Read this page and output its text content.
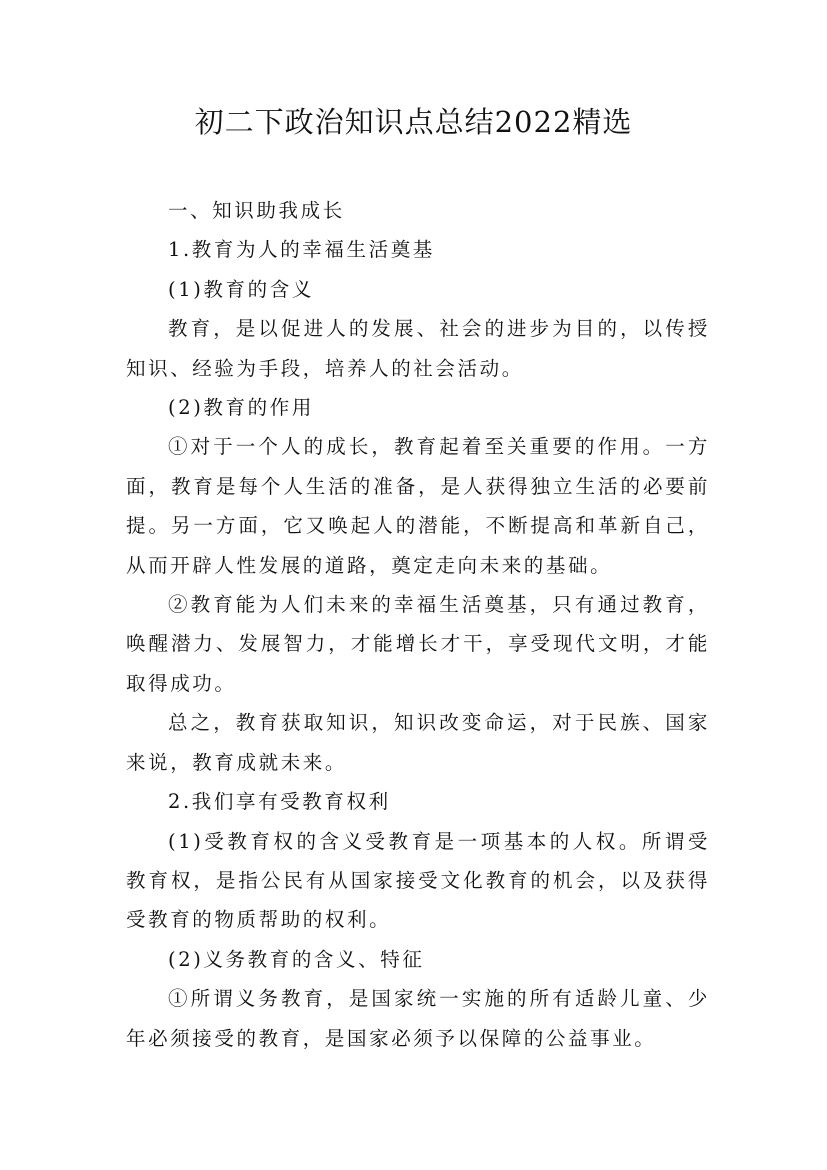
初二下政治知识点总结2022精选

一、知识助我成长

1.教育为人的幸福生活奠基

(1)教育的含义

教育，是以促进人的发展、社会的进步为目的，以传授知识、经验为手段，培养人的社会活动。

(2)教育的作用

①对于一个人的成长，教育起着至关重要的作用。一方面，教育是每个人生活的准备，是人获得独立生活的必要前提。另一方面，它又唤起人的潜能，不断提高和革新自己，从而开辟人性发展的道路，奠定走向未来的基础。

②教育能为人们未来的幸福生活奠基，只有通过教育，唤醒潜力、发展智力，才能增长才干，享受现代文明，才能取得成功。

总之，教育获取知识，知识改变命运，对于民族、国家来说，教育成就未来。

2.我们享有受教育权利

(1)受教育权的含义受教育是一项基本的人权。所谓受教育权，是指公民有从国家接受文化教育的机会，以及获得受教育的物质帮助的权利。

(2)义务教育的含义、特征

①所谓义务教育，是国家统一实施的所有适龄儿童、少年必须接受的教育，是国家必须予以保障的公益事业。
